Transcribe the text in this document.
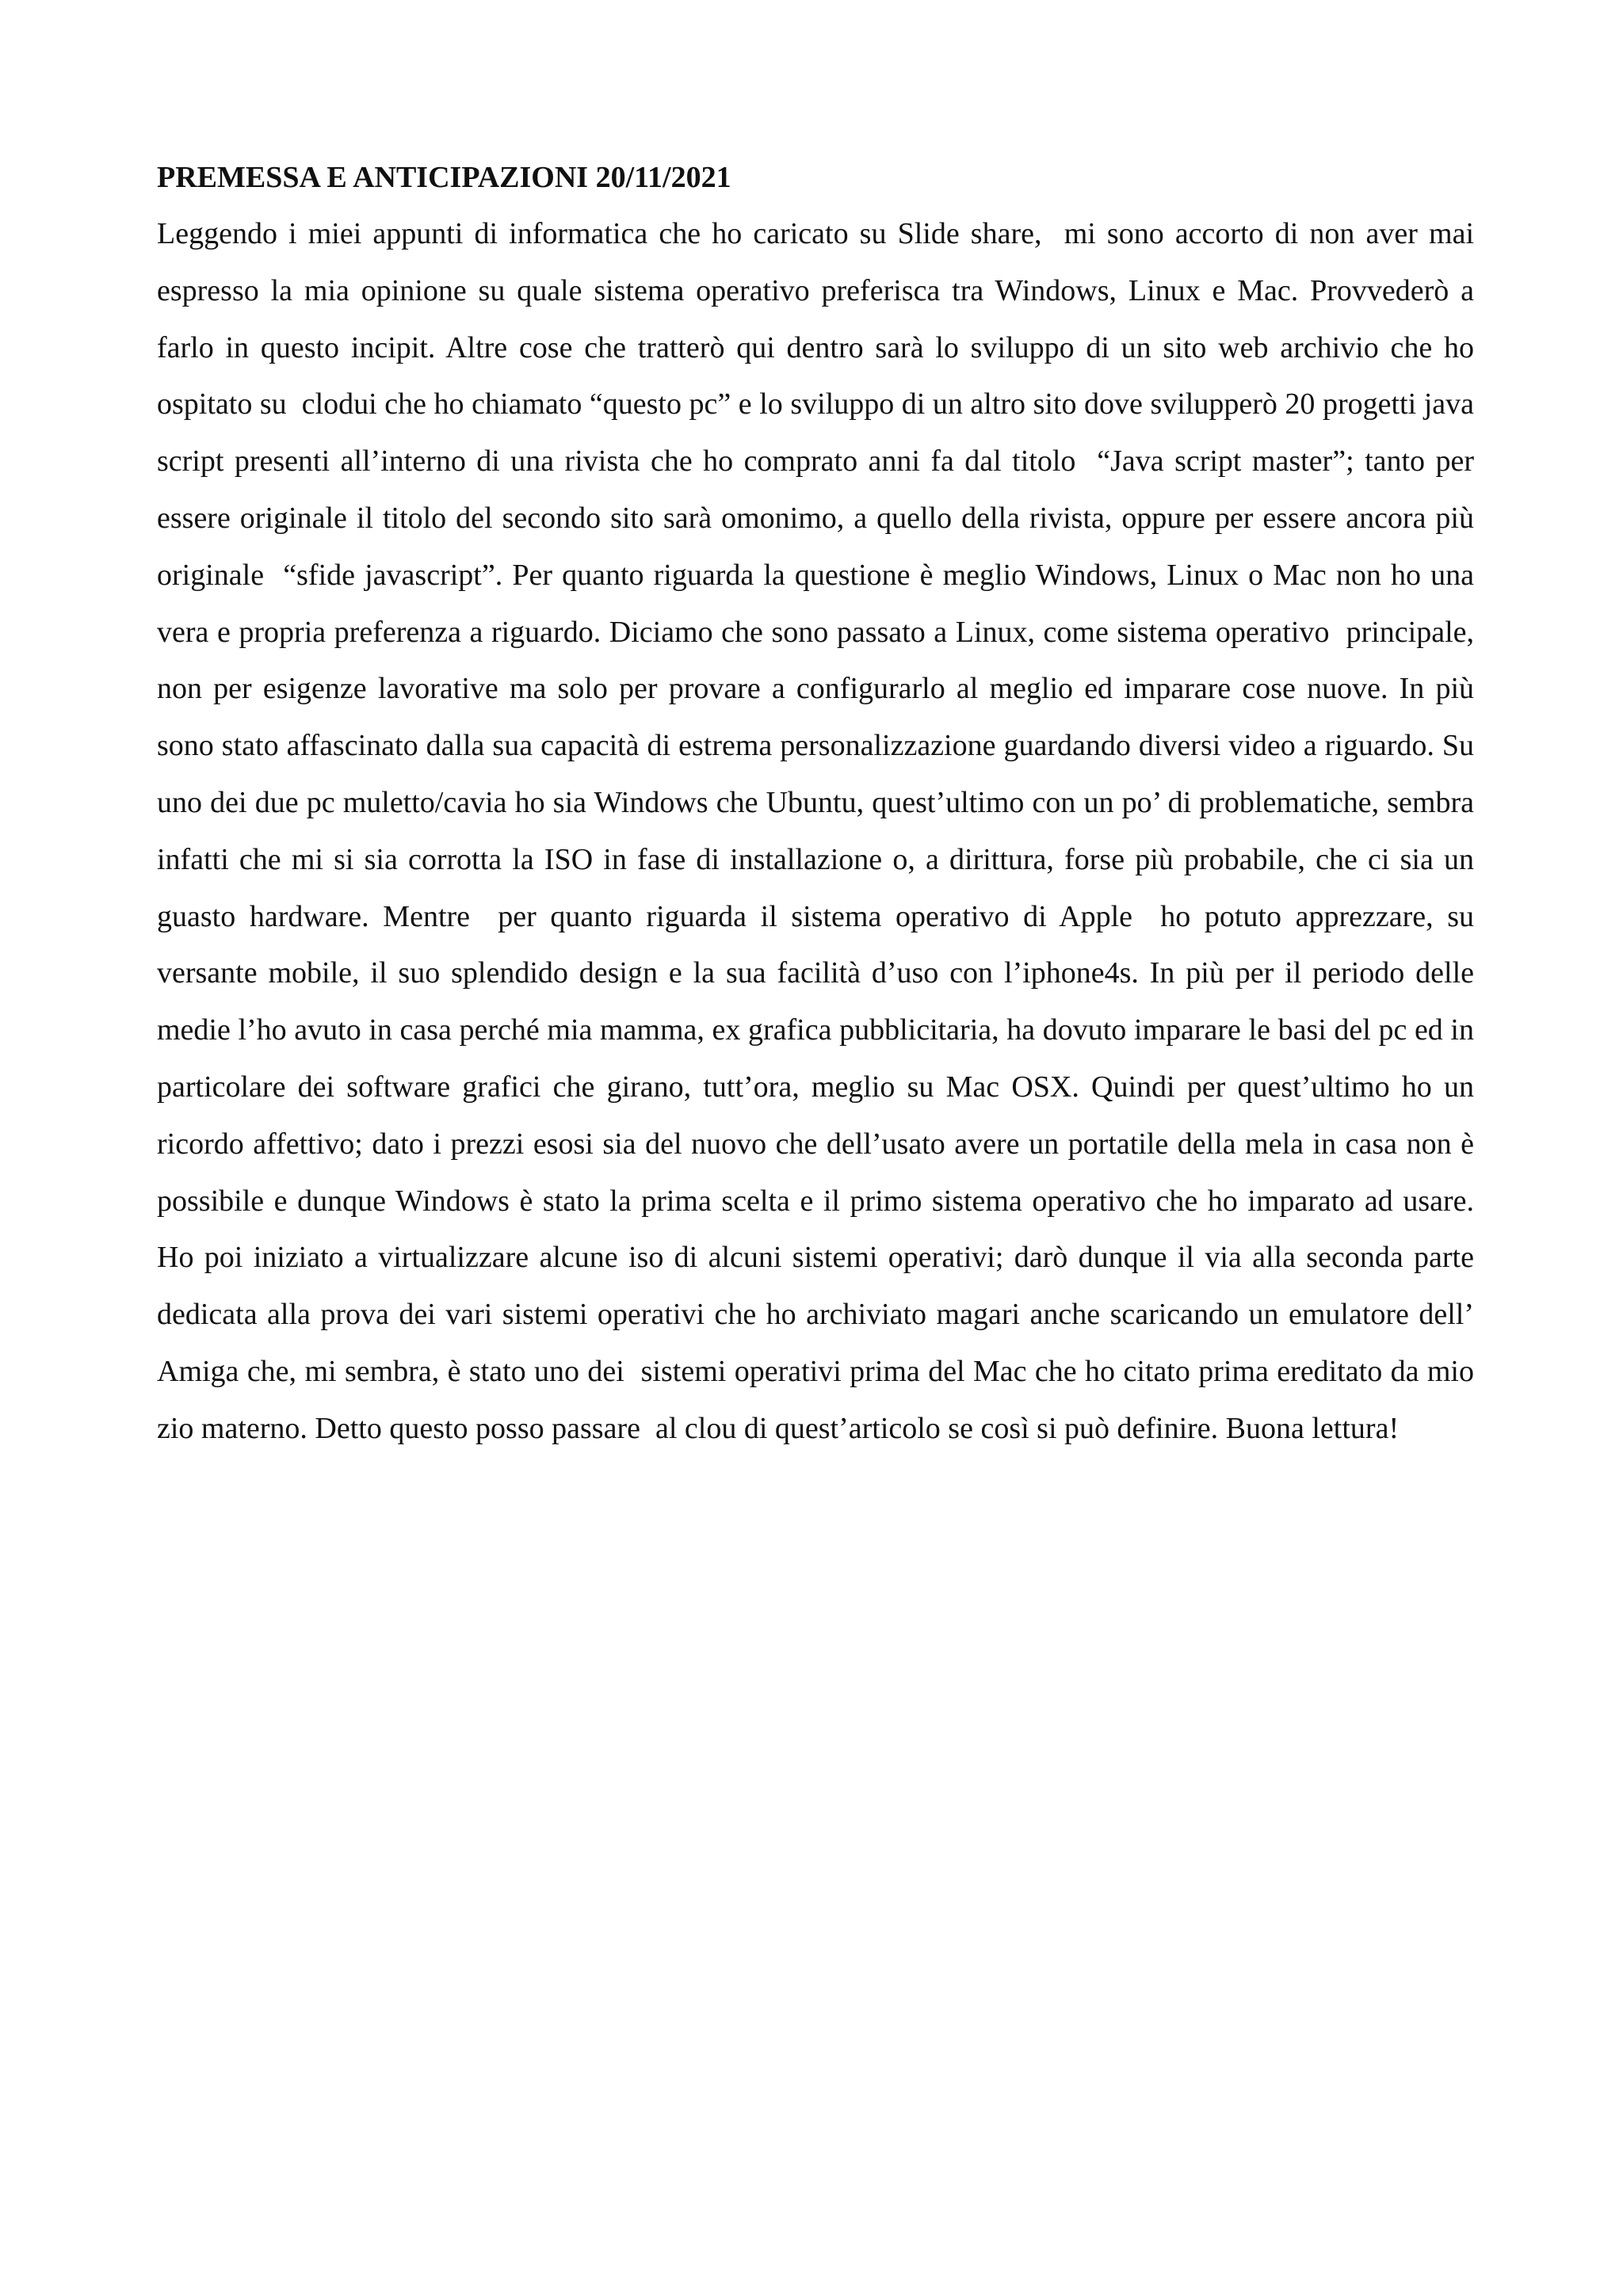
PREMESSA E ANTICIPAZIONI 20/11/2021

Leggendo i miei appunti di informatica che ho caricato su Slide share,  mi sono accorto di non aver mai espresso la mia opinione su quale sistema operativo preferisca tra Windows, Linux e Mac. Provvederò a farlo in questo incipit. Altre cose che tratterò qui dentro sarà lo sviluppo di un sito web archivio che ho ospitato su  clodui che ho chiamato “questo pc” e lo sviluppo di un altro sito dove svilupperò 20 progetti java script presenti all’interno di una rivista che ho comprato anni fa dal titolo  “Java script master”; tanto per essere originale il titolo del secondo sito sarà omonimo, a quello della rivista, oppure per essere ancora più originale  “sfide javascript”. Per quanto riguarda la questione è meglio Windows, Linux o Mac non ho una vera e propria preferenza a riguardo. Diciamo che sono passato a Linux, come sistema operativo  principale, non per esigenze lavorative ma solo per provare a configurarlo al meglio ed imparare cose nuove. In più sono stato affascinato dalla sua capacità di estrema personalizzazione guardando diversi video a riguardo. Su uno dei due pc muletto/cavia ho sia Windows che Ubuntu, quest’ultimo con un po’ di problematiche, sembra infatti che mi si sia corrotta la ISO in fase di installazione o, a dirittura, forse più probabile, che ci sia un guasto hardware. Mentre  per quanto riguarda il sistema operativo di Apple  ho potuto apprezzare, su versante mobile, il suo splendido design e la sua facilità d’uso con l’iphone4s. In più per il periodo delle medie l’ho avuto in casa perché mia mamma, ex grafica pubblicitaria, ha dovuto imparare le basi del pc ed in particolare dei software grafici che girano, tutt’ora, meglio su Mac OSX. Quindi per quest’ultimo ho un ricordo affettivo; dato i prezzi esosi sia del nuovo che dell’usato avere un portatile della mela in casa non è possibile e dunque Windows è stato la prima scelta e il primo sistema operativo che ho imparato ad usare. Ho poi iniziato a virtualizzare alcune iso di alcuni sistemi operativi; darò dunque il via alla seconda parte dedicata alla prova dei vari sistemi operativi che ho archiviato magari anche scaricando un emulatore dell’ Amiga che, mi sembra, è stato uno dei  sistemi operativi prima del Mac che ho citato prima ereditato da mio zio materno. Detto questo posso passare  al clou di quest’articolo se così si può definire. Buona lettura!
